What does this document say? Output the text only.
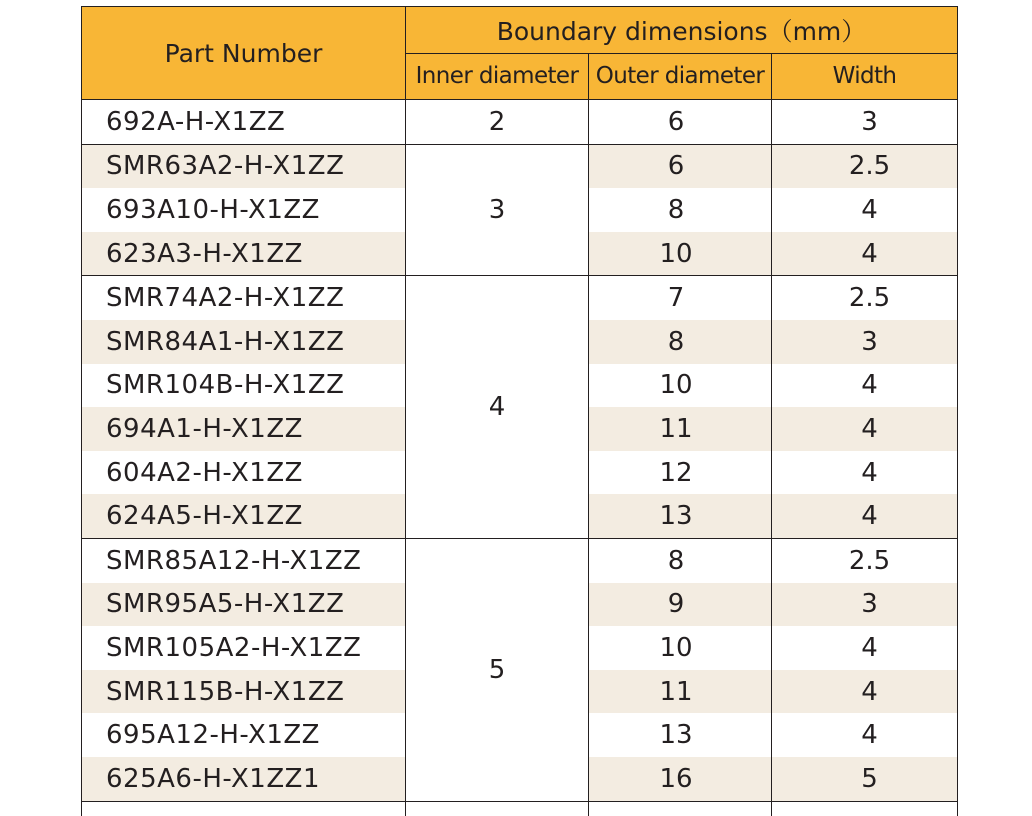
Part Number	Boundary dimensions（mm）		
	Inner diameter	Outer diameter	Width
692A-H-X1ZZ	2	6	3
SMR63A2-H-X1ZZ	3	6	2.5
693A10-H-X1ZZ		8	4
623A3-H-X1ZZ		10	4
SMR74A2-H-X1ZZ	4	7	2.5
SMR84A1-H-X1ZZ		8	3
SMR104B-H-X1ZZ		10	4
694A1-H-X1ZZ		11	4
604A2-H-X1ZZ		12	4
624A5-H-X1ZZ		13	4
SMR85A12-H-X1ZZ	5	8	2.5
SMR95A5-H-X1ZZ		9	3
SMR105A2-H-X1ZZ		10	4
SMR115B-H-X1ZZ		11	4
695A12-H-X1ZZ		13	4
625A6-H-X1ZZ1		16	5
